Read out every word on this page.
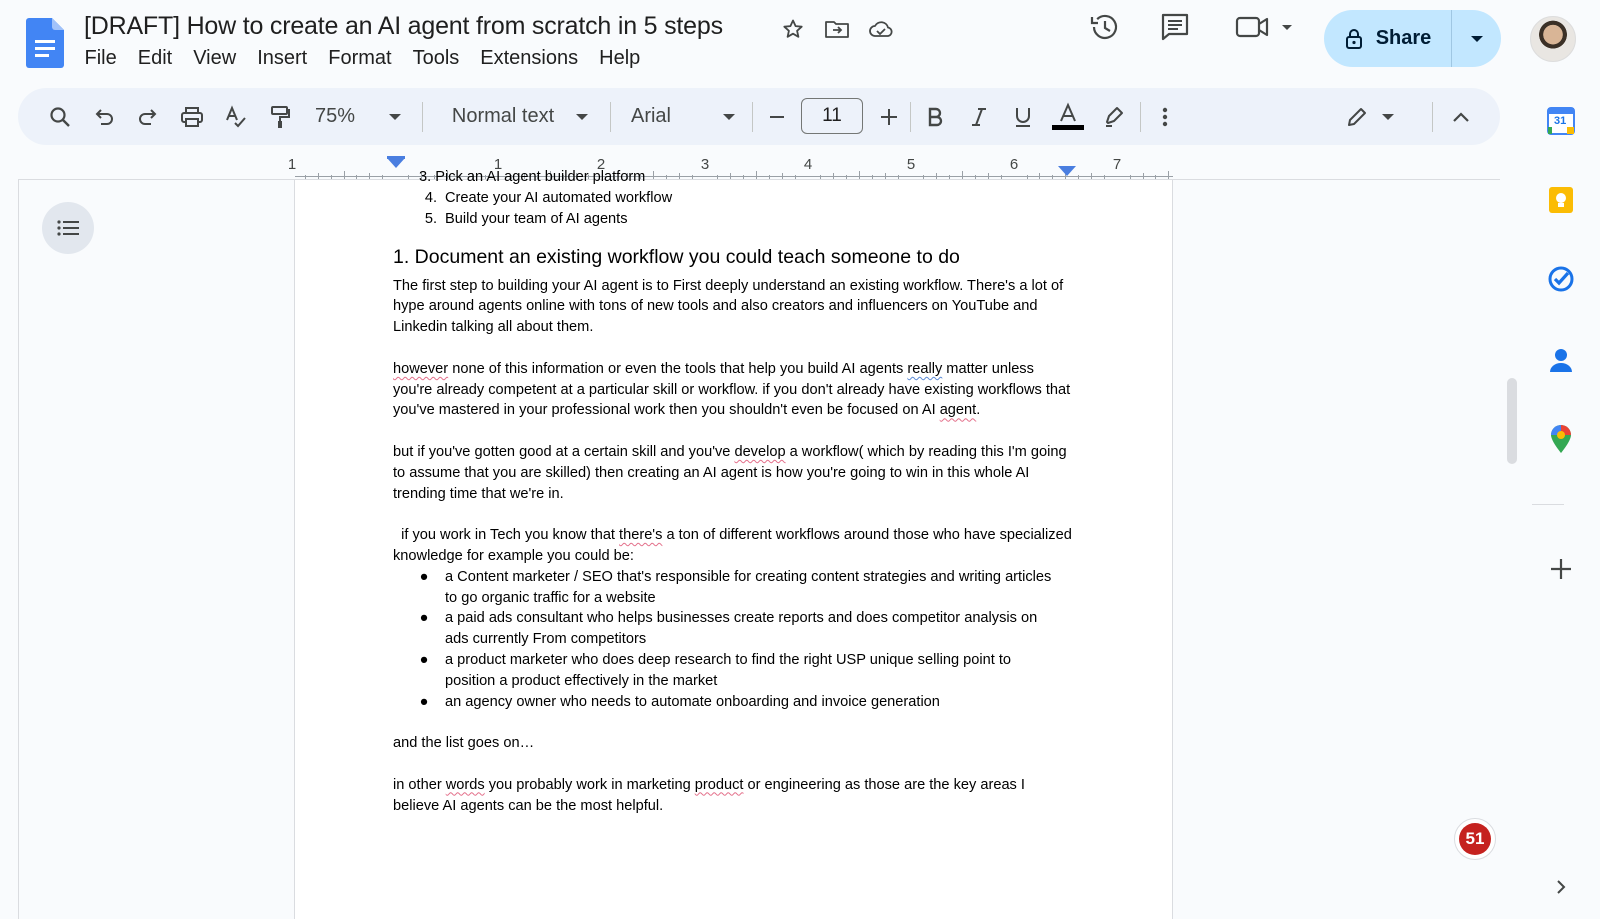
[DRAFT] How to create an AI agent from scratch in 5 steps
File	Edit	View	Insert	Format	Tools	Extensions	Help
Share
75%	Normal text	Arial	11
1	1	2	3	4	5	6	7
3. Pick an AI agent builder platform
4. Create your AI automated workflow
5. Build your team of AI agents
1. Document an existing workflow you could teach someone to do
The first step to building your AI agent is to First deeply understand an existing workflow. There's a lot of hype around agents online with tons of new tools and also creators and influencers on YouTube and Linkedin talking all about them.
however none of this information or even the tools that help you build AI agents really matter unless you're already competent at a particular skill or workflow. if you don't already have existing workflows that you've mastered in your professional work then you shouldn't even be focused on AI agent.
but if you've gotten good at a certain skill and you've develop a workflow( which by reading this I'm going to assume that you are skilled) then creating an AI agent is how you're going to win in this whole AI trending time that we're in.
if you work in Tech you know that there's a ton of different workflows around those who have specialized knowledge for example you could be:
●	a Content marketer / SEO that's responsible for creating content strategies and writing articles to go organic traffic for a website
●	a paid ads consultant who helps businesses create reports and does competitor analysis on ads currently From competitors
●	a product marketer who does deep research to find the right USP unique selling point to position a product effectively in the market
●	an agency owner who needs to automate onboarding and invoice generation
and the list goes on…
in other words you probably work in marketing product or engineering as those are the key areas I believe AI agents can be the most helpful.
51
31
